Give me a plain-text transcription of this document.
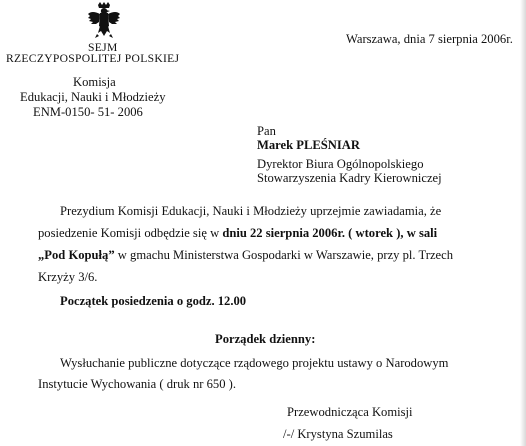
SEJM
RZECZYPOSPOLITEJ POLSKIEJ
Komisja
Edukacji, Nauki i Młodzieży
ENM-0150- 51- 2006
Warszawa, dnia 7 sierpnia 2006r.
Pan
Marek PLEŚNIAR
Dyrektor Biura Ogólnopolskiego
Stowarzyszenia Kadry Kierowniczej
Prezydium Komisji Edukacji, Nauki i Młodzieży uprzejmie zawiadamia, że
posiedzenie Komisji odbędzie się w dniu 22 sierpnia 2006r. ( wtorek ), w sali
„Pod Kopułą” w gmachu Ministerstwa Gospodarki w Warszawie, przy pl. Trzech
Krzyży 3/6.
Początek posiedzenia o godz. 12.00
Porządek dzienny:
Wysłuchanie publiczne dotyczące rządowego projektu ustawy o Narodowym
Instytucie Wychowania ( druk nr 650 ).
Przewodnicząca Komisji
/-/ Krystyna Szumilas
